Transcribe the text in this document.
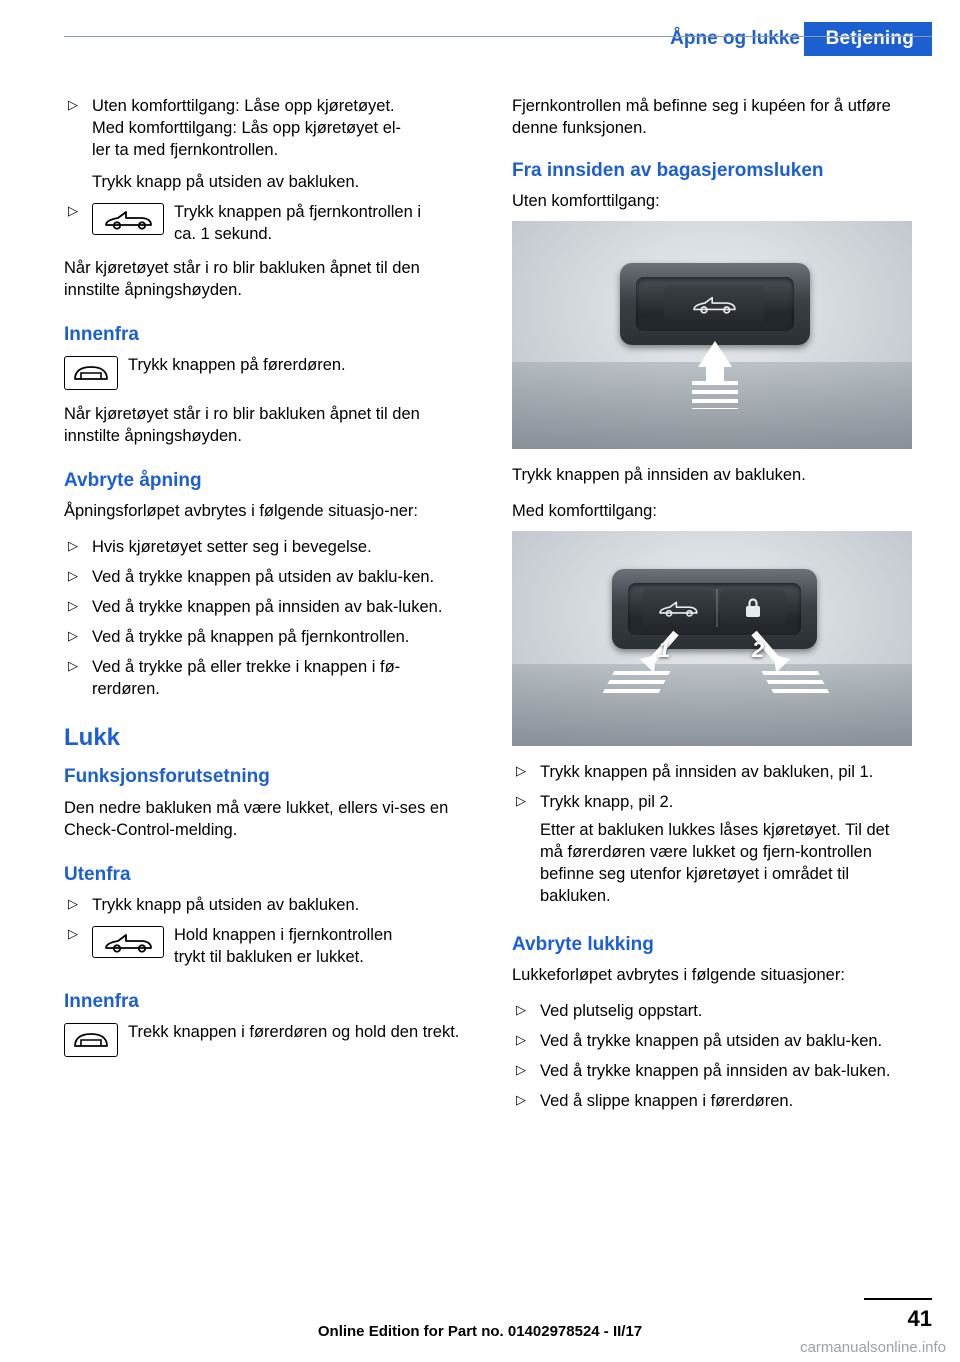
Åpne og lukke	Betjening
▷ Uten komforttilgang: Låse opp kjøretøyet.
Med komforttilgang: Lås opp kjøretøyet el-
ler ta med fjernkontrollen.
Trykk knapp på utsiden av bakluken.
▷ Trykk knappen på fjernkontrollen i
ca. 1 sekund.

Når kjøretøyet står i ro blir bakluken åpnet til den innstilte åpningshøyden.

Innenfra
Trykk knappen på førerdøren.

Når kjøretøyet står i ro blir bakluken åpnet til den innstilte åpningshøyden.

Avbryte åpning

Åpningsforløpet avbrytes i følgende situasjo-ner:

▷ Hvis kjøretøyet setter seg i bevegelse.
▷ Ved å trykke knappen på utsiden av baklu-ken.
▷ Ved å trykke knappen på innsiden av bak-luken.
▷ Ved å trykke på knappen på fjernkontrollen.
▷ Ved å trykke på eller trekke i knappen i fø-rerdøren.
Lukk
Funksjonsforutsetning

Den nedre bakluken må være lukket, ellers vi-ses en Check-Control-melding.

Utenfra
▷ Trykk knapp på utsiden av bakluken.
▷ Hold knappen i fjernkontrollen
trykt til bakluken er lukket.
Innenfra
Trekk knappen i førerdøren og hold den trekt.

Fjernkontrollen må befinne seg i kupéen for å utføre denne funksjonen.

Fra innsiden av bagasjeromsluken

Uten komforttilgang:

Trykk knappen på innsiden av bakluken.

Med komforttilgang:

1	2
▷ Trykk knappen på innsiden av bakluken, pil 1.
▷ Trykk knapp, pil 2.
Etter at bakluken lukkes låses kjøretøyet. Til det må førerdøren være lukket og fjern-kontrollen befinne seg utenfor kjøretøyet i området til bakluken.
Avbryte lukking

Lukkeforløpet avbrytes i følgende situasjoner:

▷ Ved plutselig oppstart.
▷ Ved å trykke knappen på utsiden av baklu-ken.
▷ Ved å trykke knappen på innsiden av bak-luken.
▷ Ved å slippe knappen i førerdøren.
41
Online Edition for Part no. 01402978524 - II/17
carmanualsonline.info
